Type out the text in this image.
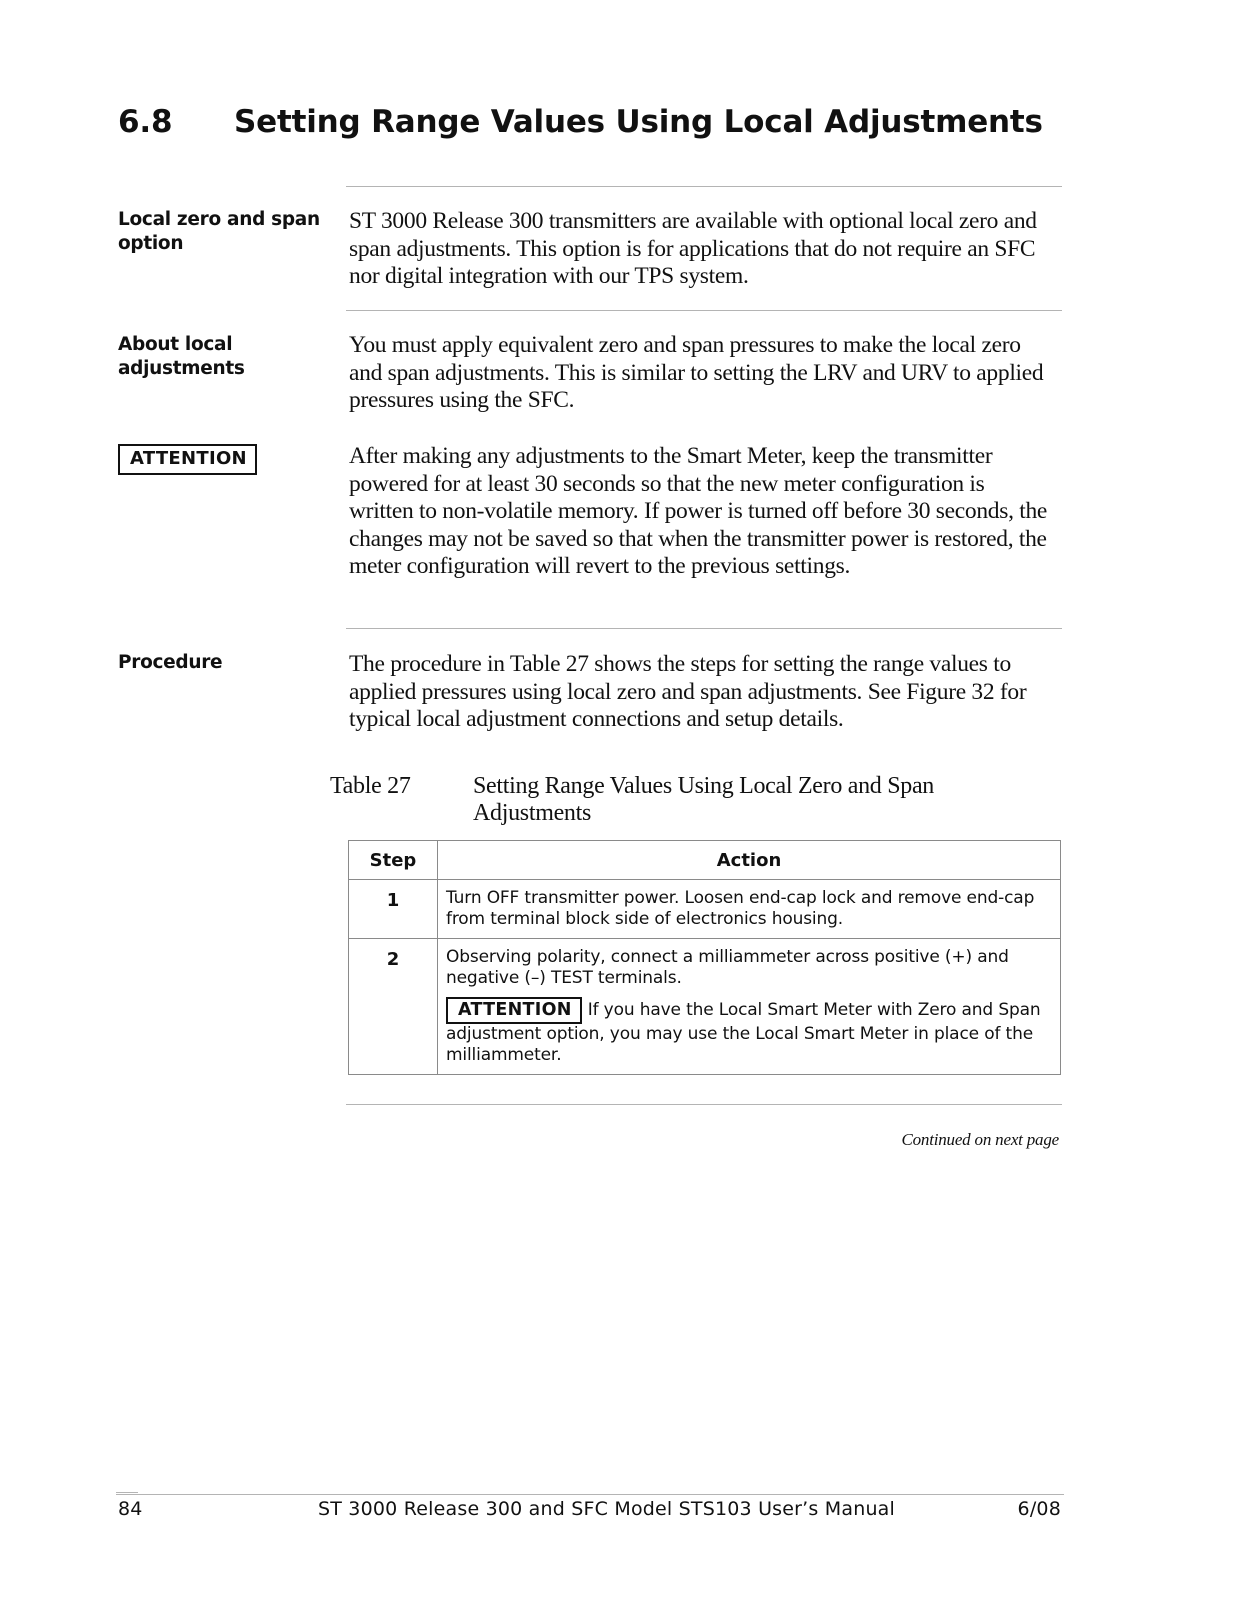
6.8 Setting Range Values Using Local Adjustments
Local zero and span option

ST 3000 Release 300 transmitters are available with optional local zero and span adjustments. This option is for applications that do not require an SFC nor digital integration with our TPS system.

About local adjustments

You must apply equivalent zero and span pressures to make the local zero and span adjustments. This is similar to setting the LRV and URV to applied pressures using the SFC.

ATTENTION	After making any adjustments to the Smart Meter, keep the transmitter powered for at least 30 seconds so that the new meter configuration is written to non-volatile memory. If power is turned off before 30 seconds, the changes may not be saved so that when the transmitter power is restored, the meter configuration will revert to the previous settings.

Procedure	The procedure in Table 27 shows the steps for setting the range values to applied pressures using local zero and span adjustments. See Figure 32 for typical local adjustment connections and setup details.

Table 27	Setting Range Values Using Local Zero and Span Adjustments
Step	Action
1	Turn OFF transmitter power. Loosen end-cap lock and remove end-cap from terminal block side of electronics housing.
2	Observing polarity, connect a milliammeter across positive (+) and negative (–) TEST terminals.
ATTENTION If you have the Local Smart Meter with Zero and Span adjustment option, you may use the Local Smart Meter in place of the milliammeter.
Continued on next page
84	ST 3000 Release 300 and SFC Model STS103 User’s Manual	6/08
